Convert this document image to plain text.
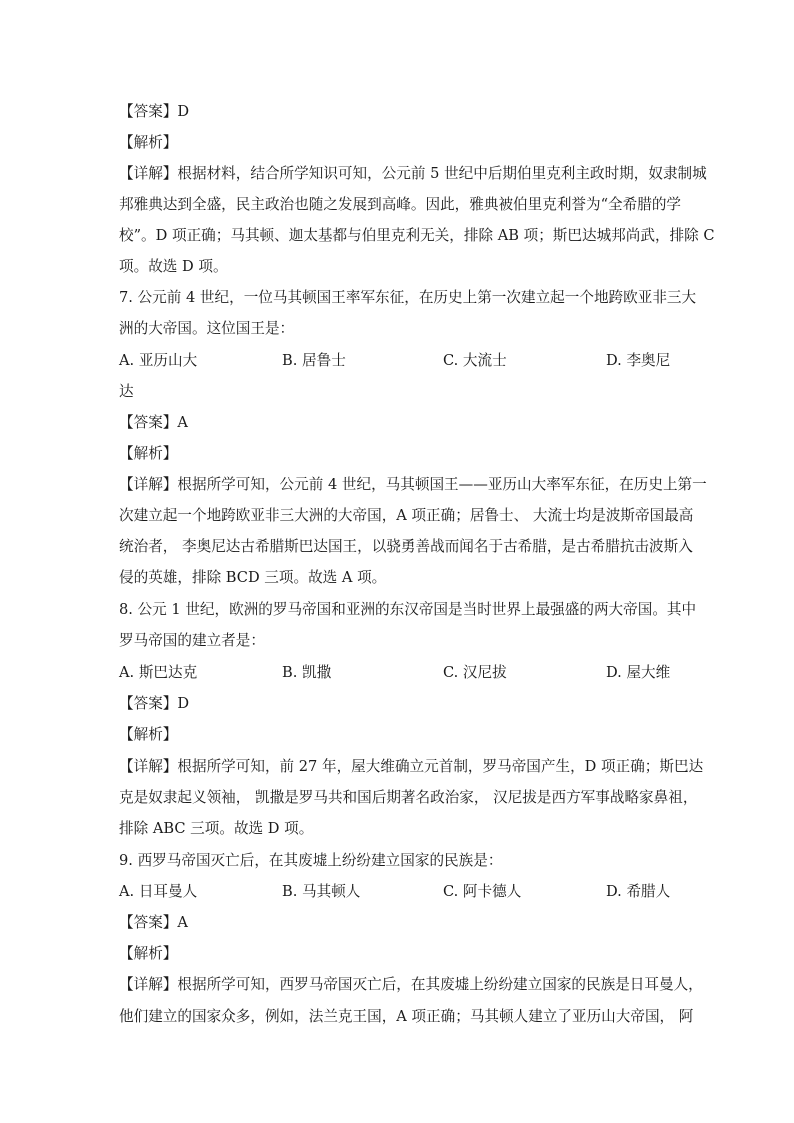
【答案】D
【解析】
【详解】根据材料，结合所学知识可知，公元前 5 世纪中后期伯里克利主政时期，奴隶制城
邦雅典达到全盛，民主政治也随之发展到高峰。因此，雅典被伯里克利誉为“全希腊的学
校”。D 项正确；马其顿、迦太基都与伯里克利无关，排除 AB 项；斯巴达城邦尚武，排除 C
项。故选 D 项。
7. 公元前 4 世纪，一位马其顿国王率军东征，在历史上第一次建立起一个地跨欧亚非三大
洲的大帝国。这位国王是：
A. 亚历山大	B. 居鲁士	C. 大流士	D. 李奥尼
达
【答案】A
【解析】
【详解】根据所学可知，公元前 4 世纪，马其顿国王——亚历山大率军东征，在历史上第一
次建立起一个地跨欧亚非三大洲的大帝国，A 项正确；居鲁士、 大流士均是波斯帝国最高
统治者， 李奥尼达古希腊斯巴达国王，以骁勇善战而闻名于古希腊，是古希腊抗击波斯入
侵的英雄，排除 BCD 三项。故选 A 项。
8. 公元 1 世纪，欧洲的罗马帝国和亚洲的东汉帝国是当时世界上最强盛的两大帝国。其中
罗马帝国的建立者是：
A. 斯巴达克	B. 凯撒	C. 汉尼拔	D. 屋大维
【答案】D
【解析】
【详解】根据所学可知，前 27 年，屋大维确立元首制，罗马帝国产生，D 项正确；斯巴达
克是奴隶起义领袖， 凯撒是罗马共和国后期著名政治家， 汉尼拔是西方军事战略家鼻祖，
排除 ABC 三项。故选 D 项。
9. 西罗马帝国灭亡后，在其废墟上纷纷建立国家的民族是：
A. 日耳曼人	B. 马其顿人	C. 阿卡德人	D. 希腊人
【答案】A
【解析】
【详解】根据所学可知，西罗马帝国灭亡后，在其废墟上纷纷建立国家的民族是日耳曼人，
他们建立的国家众多，例如，法兰克王国，A 项正确；马其顿人建立了亚历山大帝国， 阿
